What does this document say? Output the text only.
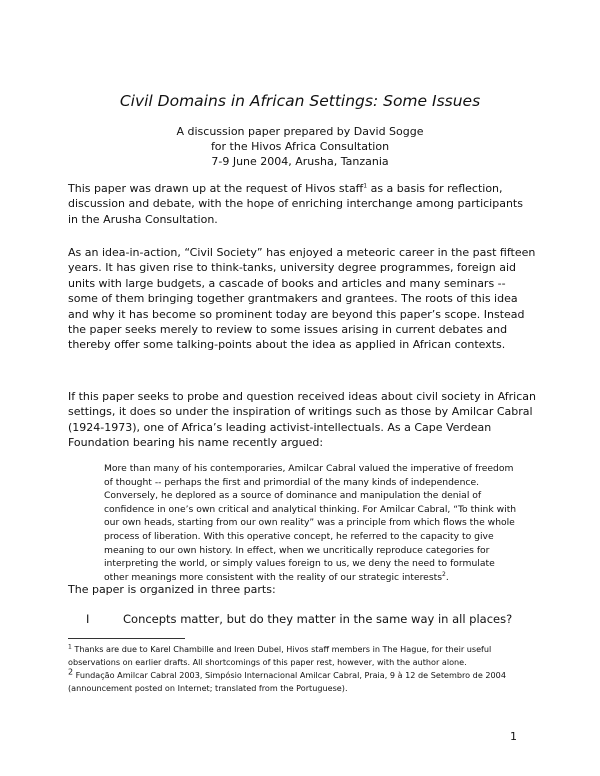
Civil Domains in African Settings: Some Issues
A discussion paper prepared by David Sogge
for the Hivos Africa Consultation
7-9 June 2004, Arusha, Tanzania

This paper was drawn up at the request of Hivos staff$^1$ as a basis for reflection, discussion and debate, with the hope of enriching interchange among participants in the Arusha Consultation.

As an idea-in-action, “Civil Society” has enjoyed a meteoric career in the past fifteen years. It has given rise to think-tanks, university degree programmes, foreign aid units with large budgets, a cascade of books and articles and many seminars -- some of them bringing together grantmakers and grantees. The roots of this idea and why it has become so prominent today are beyond this paper’s scope. Instead the paper seeks merely to review to some issues arising in current debates and thereby offer some talking-points about the idea as applied in African contexts.

If this paper seeks to probe and question received ideas about civil society in African settings, it does so under the inspiration of writings such as those by Amilcar Cabral (1924-1973), one of Africa’s leading activist-intellectuals. As a Cape Verdean Foundation bearing his name recently argued:

More than many of his contemporaries, Amilcar Cabral valued the imperative of freedom of thought -- perhaps the first and primordial of the many kinds of independence. Conversely, he deplored as a source of dominance and manipulation the denial of confidence in one’s own critical and analytical thinking. For Amilcar Cabral, “To think with our own heads, starting from our own reality” was a principle from which flows the whole process of liberation. With this operative concept, he referred to the capacity to give meaning to our own history. In effect, when we uncritically reproduce categories for interpreting the world, or simply values foreign to us, we deny the need to formulate other meanings more consistent with the reality of our strategic interests$^2$.

The paper is organized in three parts:

I	Concepts matter, but do they matter in the same way in all places?

$^1$ Thanks are due to Karel Chambille and Ireen Dubel, Hivos staff members in The Hague, for their useful observations on earlier drafts. All shortcomings of this paper rest, however, with the author alone.

$^2$ Fundação Amilcar Cabral 2003, Simpósio Internacional Amilcar Cabral, Praia, 9 à 12 de Setembro de 2004 (announcement posted on Internet; translated from the Portuguese).

1
